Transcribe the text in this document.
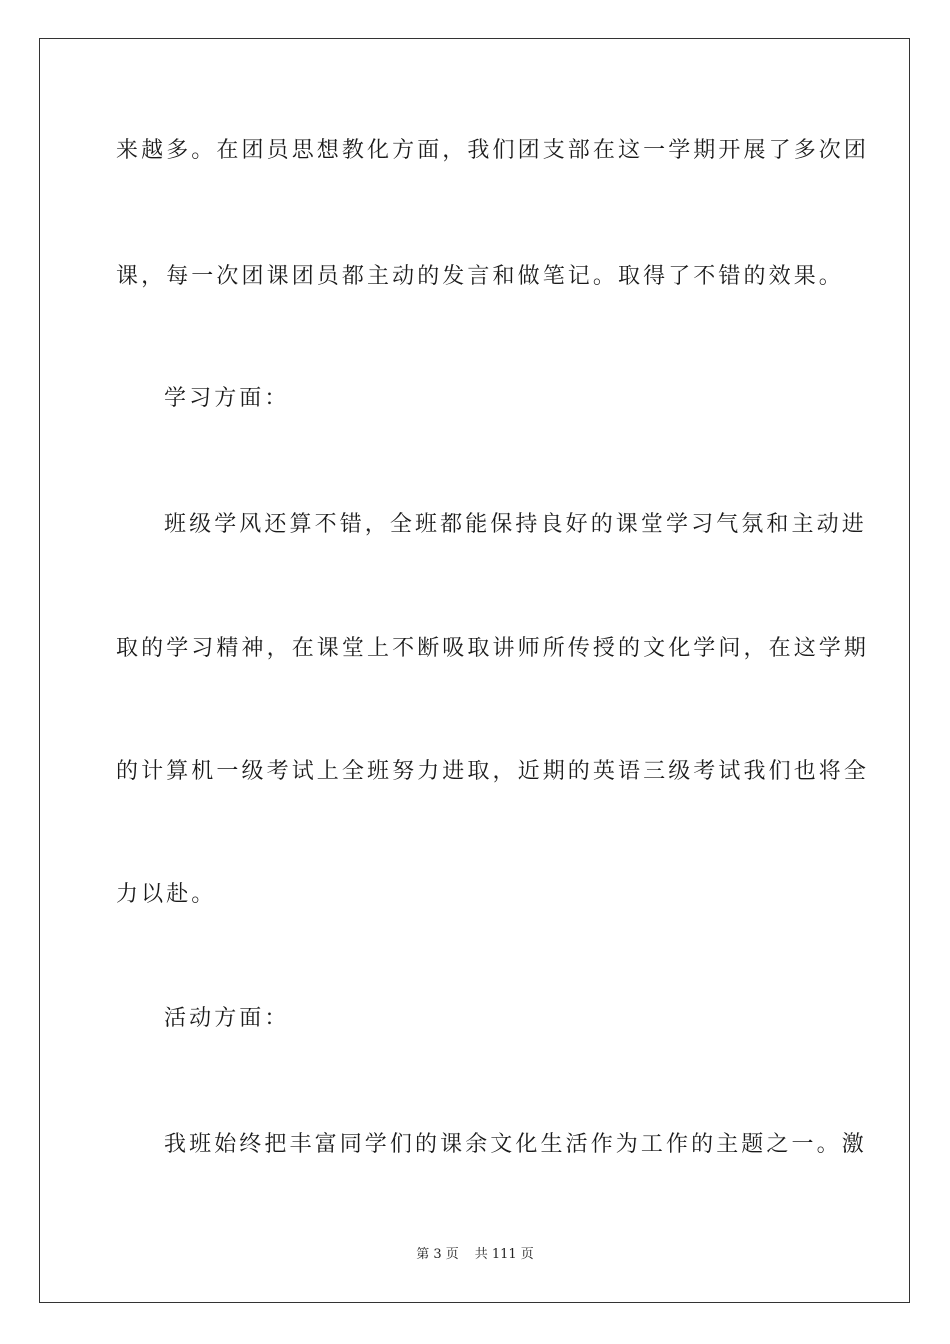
来越多。在团员思想教化方面，我们团支部在这一学期开展了多次团
课，每一次团课团员都主动的发言和做笔记。取得了不错的效果。
学习方面：
班级学风还算不错，全班都能保持良好的课堂学习气氛和主动进
取的学习精神，在课堂上不断吸取讲师所传授的文化学问，在这学期
的计算机一级考试上全班努力进取，近期的英语三级考试我们也将全
力以赴。
活动方面：
我班始终把丰富同学们的课余文化生活作为工作的主题之一。激
第 3 页 共 111 页
